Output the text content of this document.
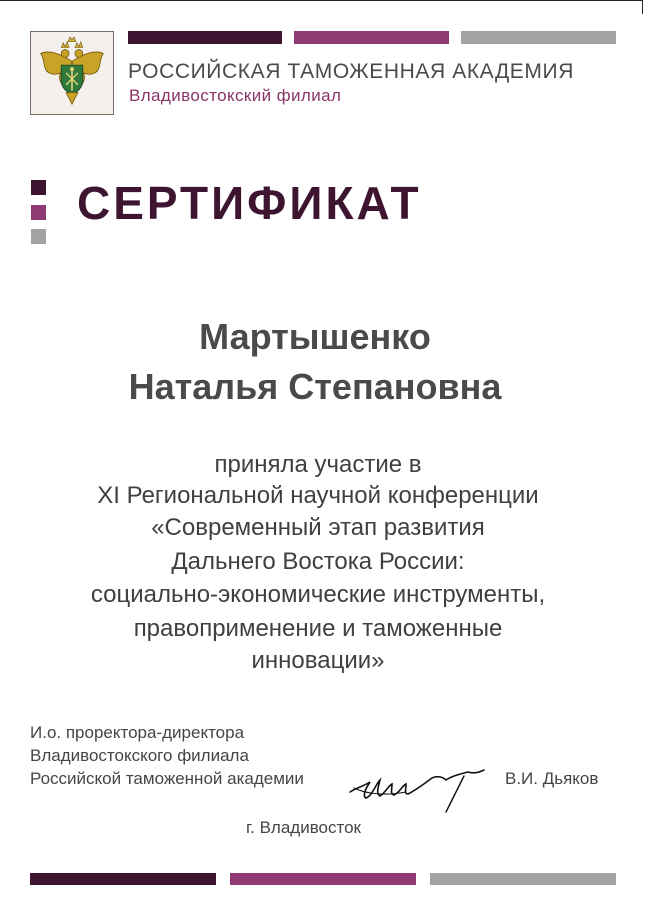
РОССИЙСКАЯ ТАМОЖЕННАЯ АКАДЕМИЯ
Владивостокский филиал
СЕРТИФИКАТ
Мартышенко
Наталья Степановна
приняла участие в
XI Региональной научной конференции
«Современный этап развития
Дальнего Востока России:
социально-экономические инструменты,
правоприменение и таможенные
инновации»
И.о. проректора-директора
Владивостокского филиала
Российской таможенной академии	В.И. Дьяков
г. Владивосток
